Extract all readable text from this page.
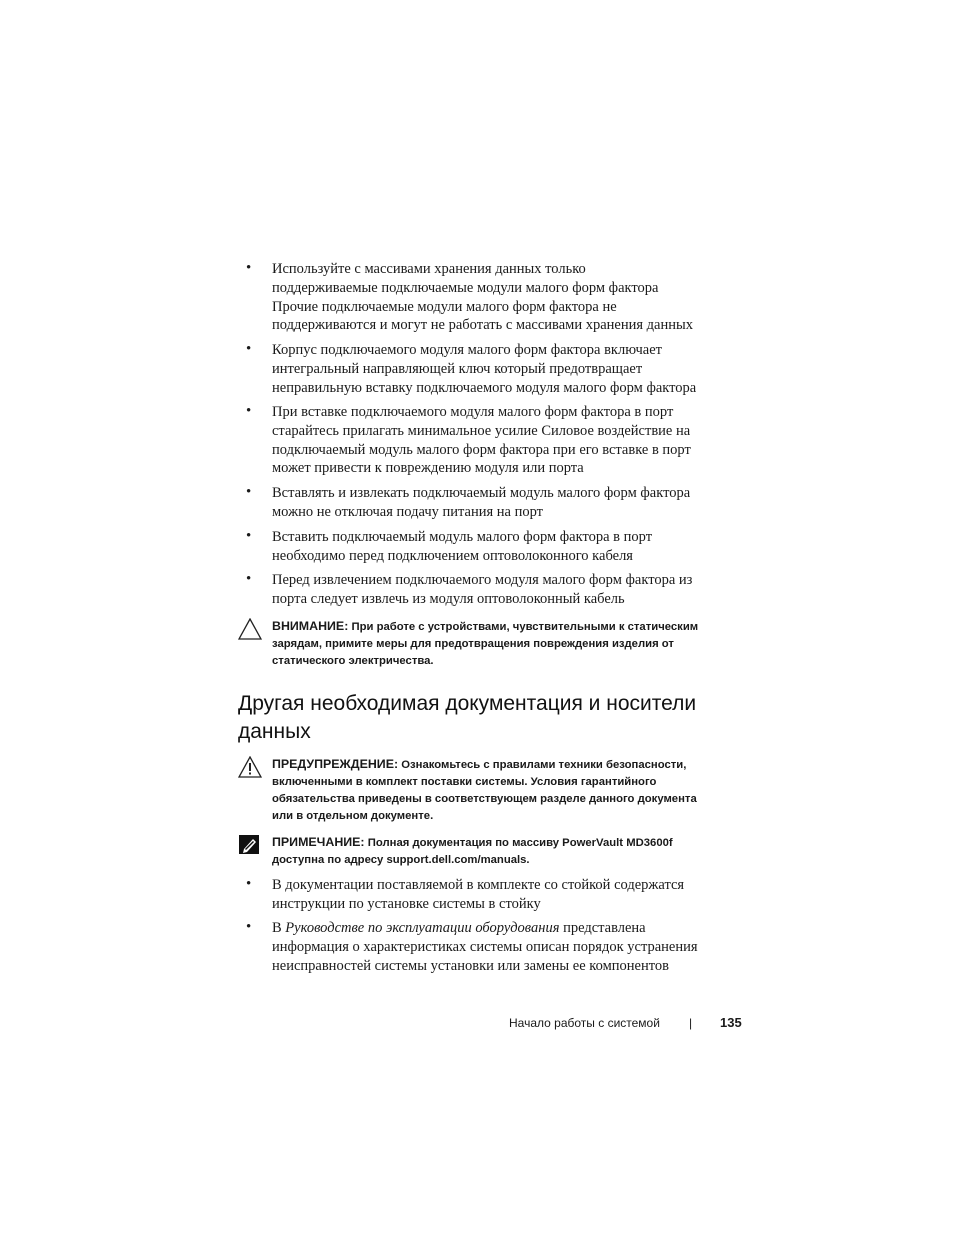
• Используйте с массивами хранения данных только
поддерживаемые подключаемые модули малого форм фактора
Прочие подключаемые модули малого форм фактора не
поддерживаются и могут не работать с массивами хранения данных
• Корпус подключаемого модуля малого форм фактора включает
интегральный направляющей ключ который предотвращает
неправильную вставку подключаемого модуля малого форм фактора
• При вставке подключаемого модуля малого форм фактора в порт
старайтесь прилагать минимальное усилие Силовое воздействие на
подключаемый модуль малого форм фактора при его вставке в порт
может привести к повреждению модуля или порта
• Вставлять и извлекать подключаемый модуль малого форм фактора
можно не отключая подачу питания на порт
• Вставить подключаемый модуль малого форм фактора в порт
необходимо перед подключением оптоволоконного кабеля
• Перед извлечением подключаемого модуля малого форм фактора из
порта следует извлечь из модуля оптоволоконный кабель
ВНИМАНИЕ: При работе с устройствами, чувствительными к статическим
зарядам, примите меры для предотвращения повреждения изделия от
статического электричества.
Другая необходимая документация и носители
данных
ПРЕДУПРЕЖДЕНИЕ: Ознакомьтесь с правилами техники безопасности,
включенными в комплект поставки системы. Условия гарантийного
обязательства приведены в соответствующем разделе данного документа
или в отдельном документе.
ПРИМЕЧАНИЕ: Полная документация по массиву PowerVault MD3600f
доступна по адресу support.dell.com/manuals.
• В документации поставляемой в комплекте со стойкой содержатся
инструкции по установке системы в стойку
• В Руководстве по эксплуатации оборудования представлена
информация о характеристиках системы описан порядок устранения
неисправностей системы установки или замены ее компонентов
Начало работы с системой | 135
